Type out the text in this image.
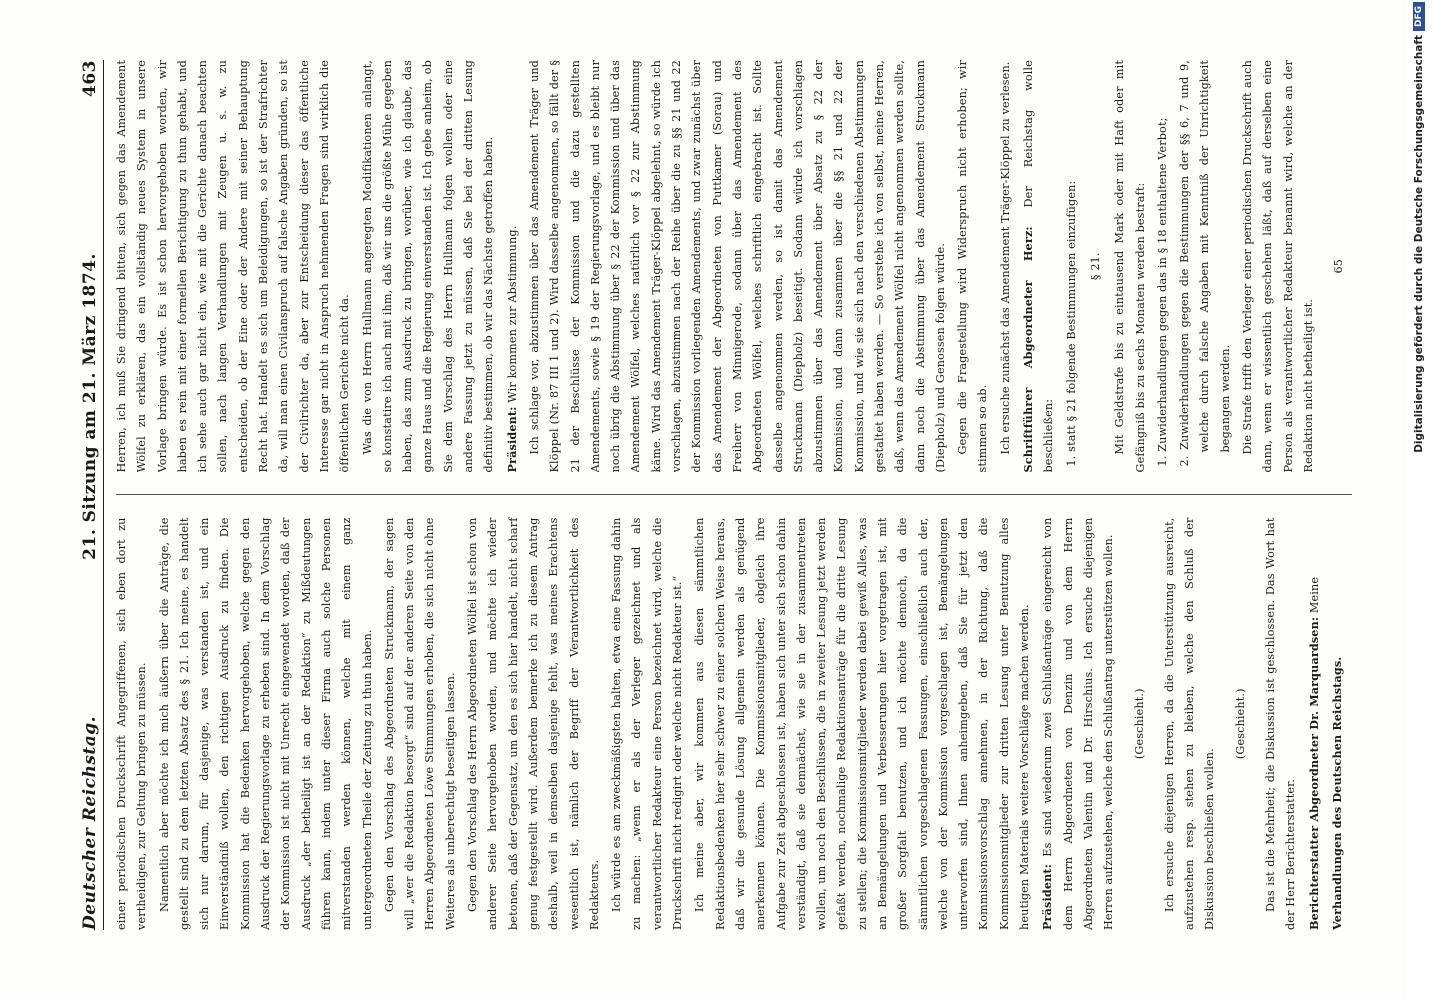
Deutscher Reichstag.
21. Sitzung am 21. März 1874.
463

einer periodischen Druckschrift Angegriffenen, sich eben dort zu vertheidigen, zur Geltung bringen zu müssen. Namentlich aber möchte ich mich äußern über die Anträge, die gestellt sind zu dem letzten Absatz des § 21. Ich meine, es handelt sich nur darum, für dasjenige, was verstanden ist, und ein Einverständniß wollen, den richtigen Ausdruck zu finden. Die Kommission hat die Bedenken hervorgehoben, welche gegen den Ausdruck der Regierungsvorlage zu erheben sind. In dem Vorschlag der Kommission ist nicht mit Unrecht eingewendet worden, daß der Ausdruck „der betheiligt ist an der Redaktion“ zu Mißdeutungen führen kann, indem unter dieser Firma auch solche Personen mitverstanden werden können, welche mit einem ganz untergeordneten Theile der Zeitung zu thun haben. Gegen den Vorschlag des Abgeordneten Struckmann, der sagen will „wer die Redaktion besorgt“ sind auf der anderen Seite von den Herren Abgeordneten Löwe Stimmungen erhoben, die sich nicht ohne Weiteres als unberechtigt beseitigen lassen. Gegen den Vorschlag des Herrn Abgeordneten Wölfel ist schon von anderer Seite hervorgehoben worden, und möchte ich wieder betonen, daß der Gegensatz, um den es sich hier handelt, nicht scharf genug festgestellt wird. Außerdem bemerke ich zu diesem Antrag deshalb, weil in demselben dasjenige fehlt, was meines Erachtens wesentlich ist, nämlich der Begriff der Verantwortlichkeit des Redakteurs. Ich würde es am zweckmäßigsten halten, etwa eine Fassung dahin zu machen: „wenn er als der Verleger gezeichnet und als verantwortlicher Redakteur eine Person bezeichnet wird, welche die Druckschrift nicht redigirt oder welche nicht Redakteur ist.“ Ich meine aber, wir kommen aus diesen sämmtlichen Redaktionsbedenken hier sehr schwer zu einer solchen Weise heraus, daß wir die gesunde Lösung allgemein werden als genügend anerkennen können. Die Kommissionsmitglieder, obgleich ihre Aufgabe zur Zeit abgeschlossen ist, haben sich unter sich schon dahin verständigt, daß sie demnächst, wie sie in der zusammentreten wollen, um noch den Beschlüssen, die in zweiter Lesung jetzt werden gefaßt werden, nochmalige Redaktionsanträge für die dritte Lesung zu stellen; die Kommissionsmitglieder werden dabei gewiß Alles, was an Bemängelungen und Verbesserungen hier vorgetragen ist, mit großer Sorgfalt benutzen, und ich möchte dennoch, da die sämmtlichen vorgeschlagenen Fassungen, einschließlich auch der, welche von der Kommission vorgeschlagen ist, Bemängelungen unterworfen sind, Ihnen anheimgeben, daß Sie für jetzt den Kommissionsvorschlag annehmen, in der Richtung, daß die Kommissionsmitglieder zur dritten Lesung unter Benutzung alles heutigen Materials weitere Vorschläge machen werden. Präsident: Es sind wiederum zwei Schlußanträge eingereicht von dem Herrn Abgeordneten von Denzin und von dem Herrn Abgeordneten Valentin und Dr. Hirschius. Ich ersuche diejenigen Herren aufzustehen, welche den Schlußantrag unterstützen wollen.	(Geschieht.)	Ich ersuche diejenigen Herren, da die Unterstützung ausreicht, aufzustehen resp. stehen zu bleiben, welche den Schluß der Diskussion beschließen wollen.

(Geschieht.)	Das ist die Mehrheit; die Diskussion ist geschlossen. Das Wort hat der Herr Berichterstatter. Berichterstatter Abgeordneter Dr. Marquardsen: Meine

Verhandlungen des Deutschen Reichstags.

Herren, ich muß Sie dringend bitten, sich gegen das Amendement Wölfel zu erklären, das ein vollständig neues System in unsere Vorlage bringen würde. Es ist schon hervorgehoben worden, wir haben es rein mit einer formellen Berichtigung zu thun gehabt, und ich sehe auch gar nicht ein, wie mit die Gerichte danach beachten sollen, nach langen Verhandlungen mit Zeugen u. s. w. zu entscheiden, ob der Eine oder der Andere mit seiner Behauptung Recht hat. Handelt es sich um Beleidigungen, so ist der Strafrichter da, will man einen Civilanspruch auf falsche Angaben gründen, so ist der Civilrichter da, aber zur Entscheidung dieser das öffentliche Interesse gar nicht in Anspruch nehmenden Fragen sind wirklich die öffentlichen Gerichte nicht da. Was die von Herrn Hullmann angeregten Modifikationen anlangt, so konstatire ich auch mit ihm, daß wir uns die größte Mühe gegeben haben, das zum Ausdruck zu bringen, worüber, wie ich glaube, das ganze Haus und die Regierung einverstanden ist. Ich gebe anheim, ob Sie dem Vorschlag des Herrn Hullmann folgen wollen oder eine andere Fassung jetzt zu müssen, daß Sie bei der dritten Lesung definitiv bestimmen, ob wir das Nächste getroffen haben. Präsident: Wir kommen zur Abstimmung. Ich schlage vor, abzustimmen über das Amendement Träger und Klöppel (Nr. 87 III 1 und 2). Wird dasselbe angenommen, so fällt der § 21 der Beschlüsse der Kommission und die dazu gestellten Amendements, sowie § 19 der Regierungsvorlage, und es bleibt nur noch übrig die Abstimmung über § 22 der Kommission und über das Amendement Wölfel, welches natürlich vor § 22 zur Abstimmung käme. Wird das Amendement Träger-Klöppel abgelehnt, so würde ich vorschlagen, abzustimmen nach der Reihe über die zu §§ 21 und 22 der Kommission vorliegenden Amendements, und zwar zunächst über das Amendement der Abgeordneten von Puttkamer (Sorau) und Freiherr von Minnigerode, sodann über das Amendement des Abgeordneten Wölfel, welches schriftlich eingebracht ist. Sollte dasselbe angenommen werden, so ist damit das Amendement Struckmann (Diepholz) beseitigt. Sodann würde ich vorschlagen abzustimmen über das Amendement über Absatz zu § 22 der Kommission, und dann zusammen über die §§ 21 und 22 der Kommission, und wie sie sich nach den verschiedenen Abstimmungen gestaltet haben werden. — So verstehe ich von selbst, meine Herren, daß, wenn das Amendement Wölfel nicht angenommen werden sollte, dann noch die Abstimmung über das Amendement Struckmann (Diepholz) und Genossen folgen würde. Gegen die Fragestellung wird Widerspruch nicht erhoben; wir stimmen so ab. Ich ersuche zunächst das Amendement Träger-Klöppel zu verlesen. Schriftführer Abgeordneter Herz: Der Reichstag wolle beschließen: 1. statt § 21 folgende Bestimmungen einzufügen:	§ 21.	Mit Geldstrafe bis zu eintausend Mark oder mit Haft oder mit Gefängniß bis zu sechs Monaten werden bestraft: 1. Zuwiderhandlungen gegen das in § 18 enthaltene Verbot; 2. Zuwiderhandlungen gegen die Bestimmungen der §§ 6, 7 und 9, welche durch falsche Angaben mit Kenntniß der Unrichtigkeit begangen werden. Die Strafe trifft den Verleger einer periodischen Druckschrift auch dann, wenn er wissentlich geschehen läßt, daß auf derselben eine Person als verantwortlicher Redakteur benannt wird, welche an der Redaktion nicht betheiligt ist.

65	Digitalisierung gefördert durch die Deutsche Forschungsgemeinschaft
DFG
